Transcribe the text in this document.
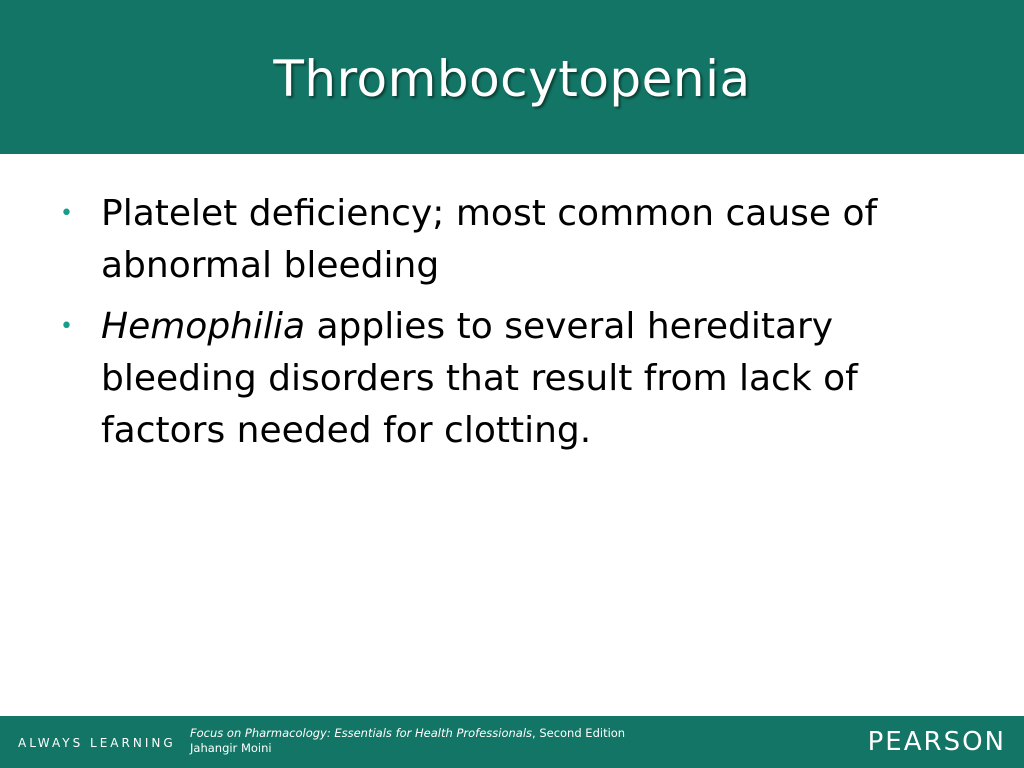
Thrombocytopenia
• Platelet deficiency; most common cause of abnormal bleeding
• Hemophilia applies to several hereditary bleeding disorders that result from lack of factors needed for clotting.
ALWAYS LEARNING
Focus on Pharmacology: Essentials for Health Professionals, Second Edition
Jahangir Moini	PEARSON
